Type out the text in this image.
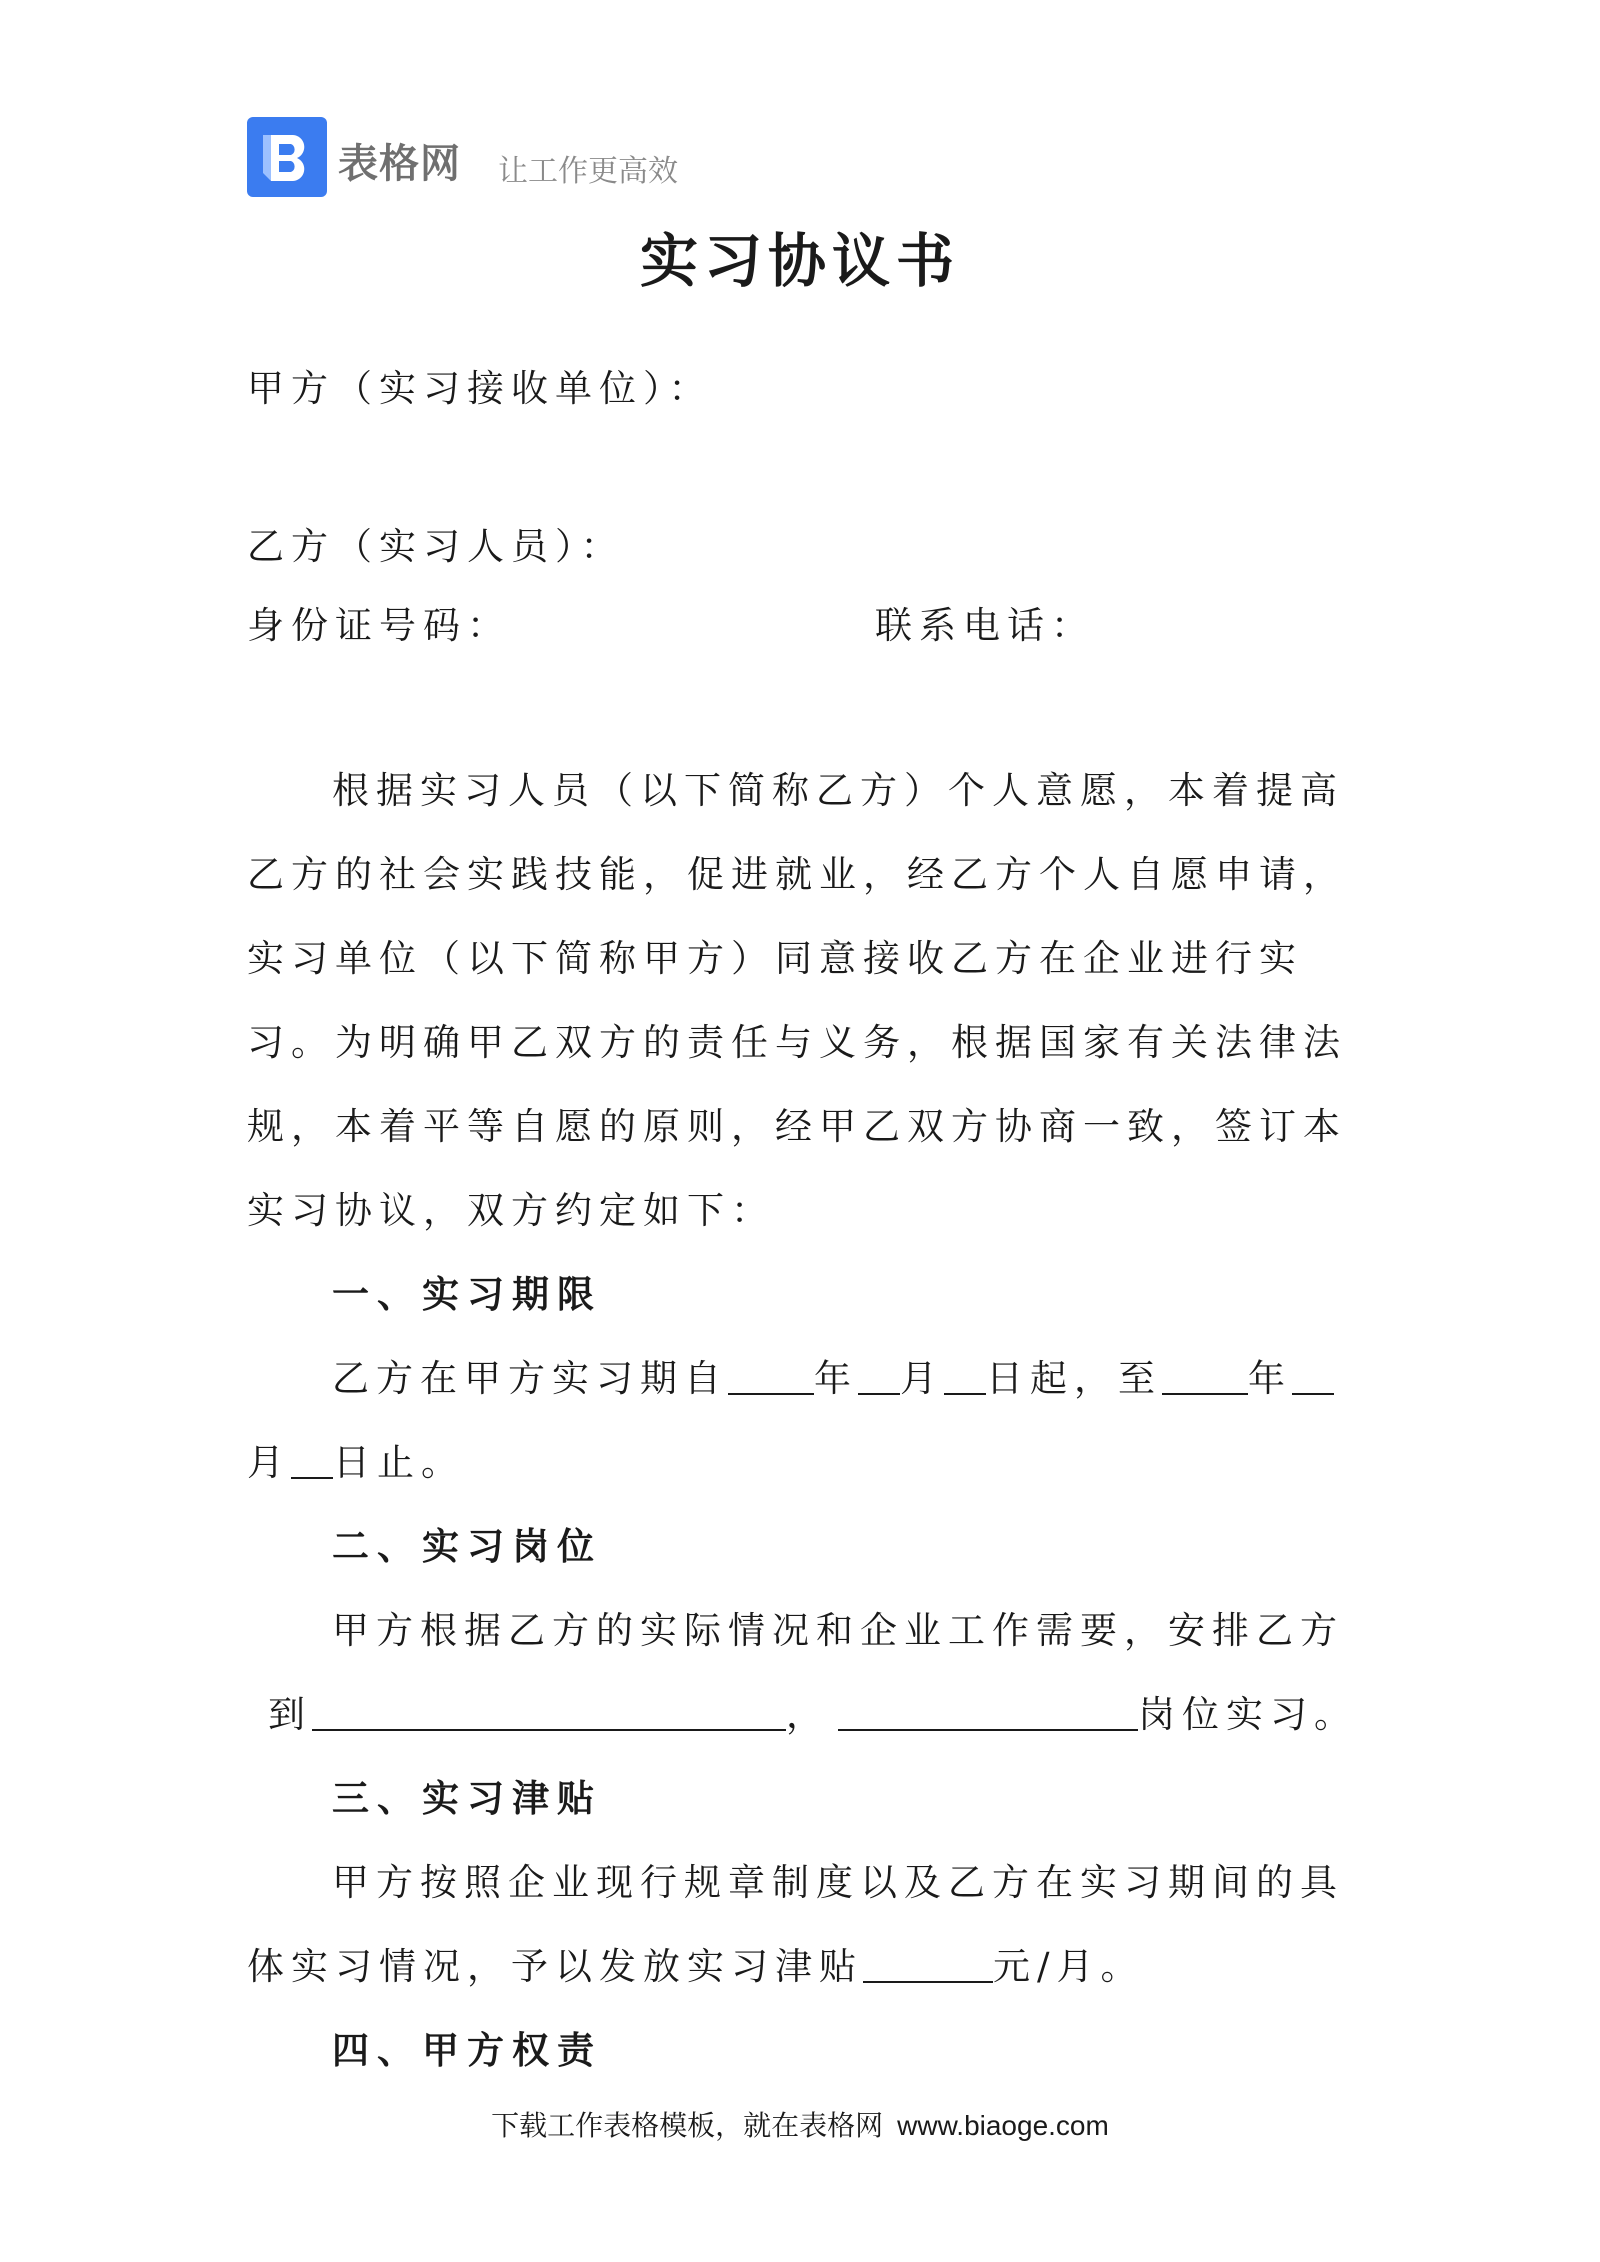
表格网 让工作更高效
实习协议书
甲方（实习接收单位）：
乙方（实习人员）：
身份证号码：	联系电话：
根据实习人员（以下简称乙方）个人意愿，本着提高
乙方的社会实践技能，促进就业，经乙方个人自愿申请，
实习单位（以下简称甲方）同意接收乙方在企业进行实
习。为明确甲乙双方的责任与义务，根据国家有关法律法
规，本着平等自愿的原则，经甲乙双方协商一致，签订本
实习协议，双方约定如下：
一、实习期限
乙方在甲方实习期自 年 月 日起，至 年
月 日止。
二、实习岗位
甲方根据乙方的实际情况和企业工作需要，安排乙方
到	，	岗位实习。
三、实习津贴
甲方按照企业现行规章制度以及乙方在实习期间的具
体实习情况，予以发放实习津贴	元/月。
四、甲方权责
下载工作表格模板，就在表格网 www.biaoge.com
